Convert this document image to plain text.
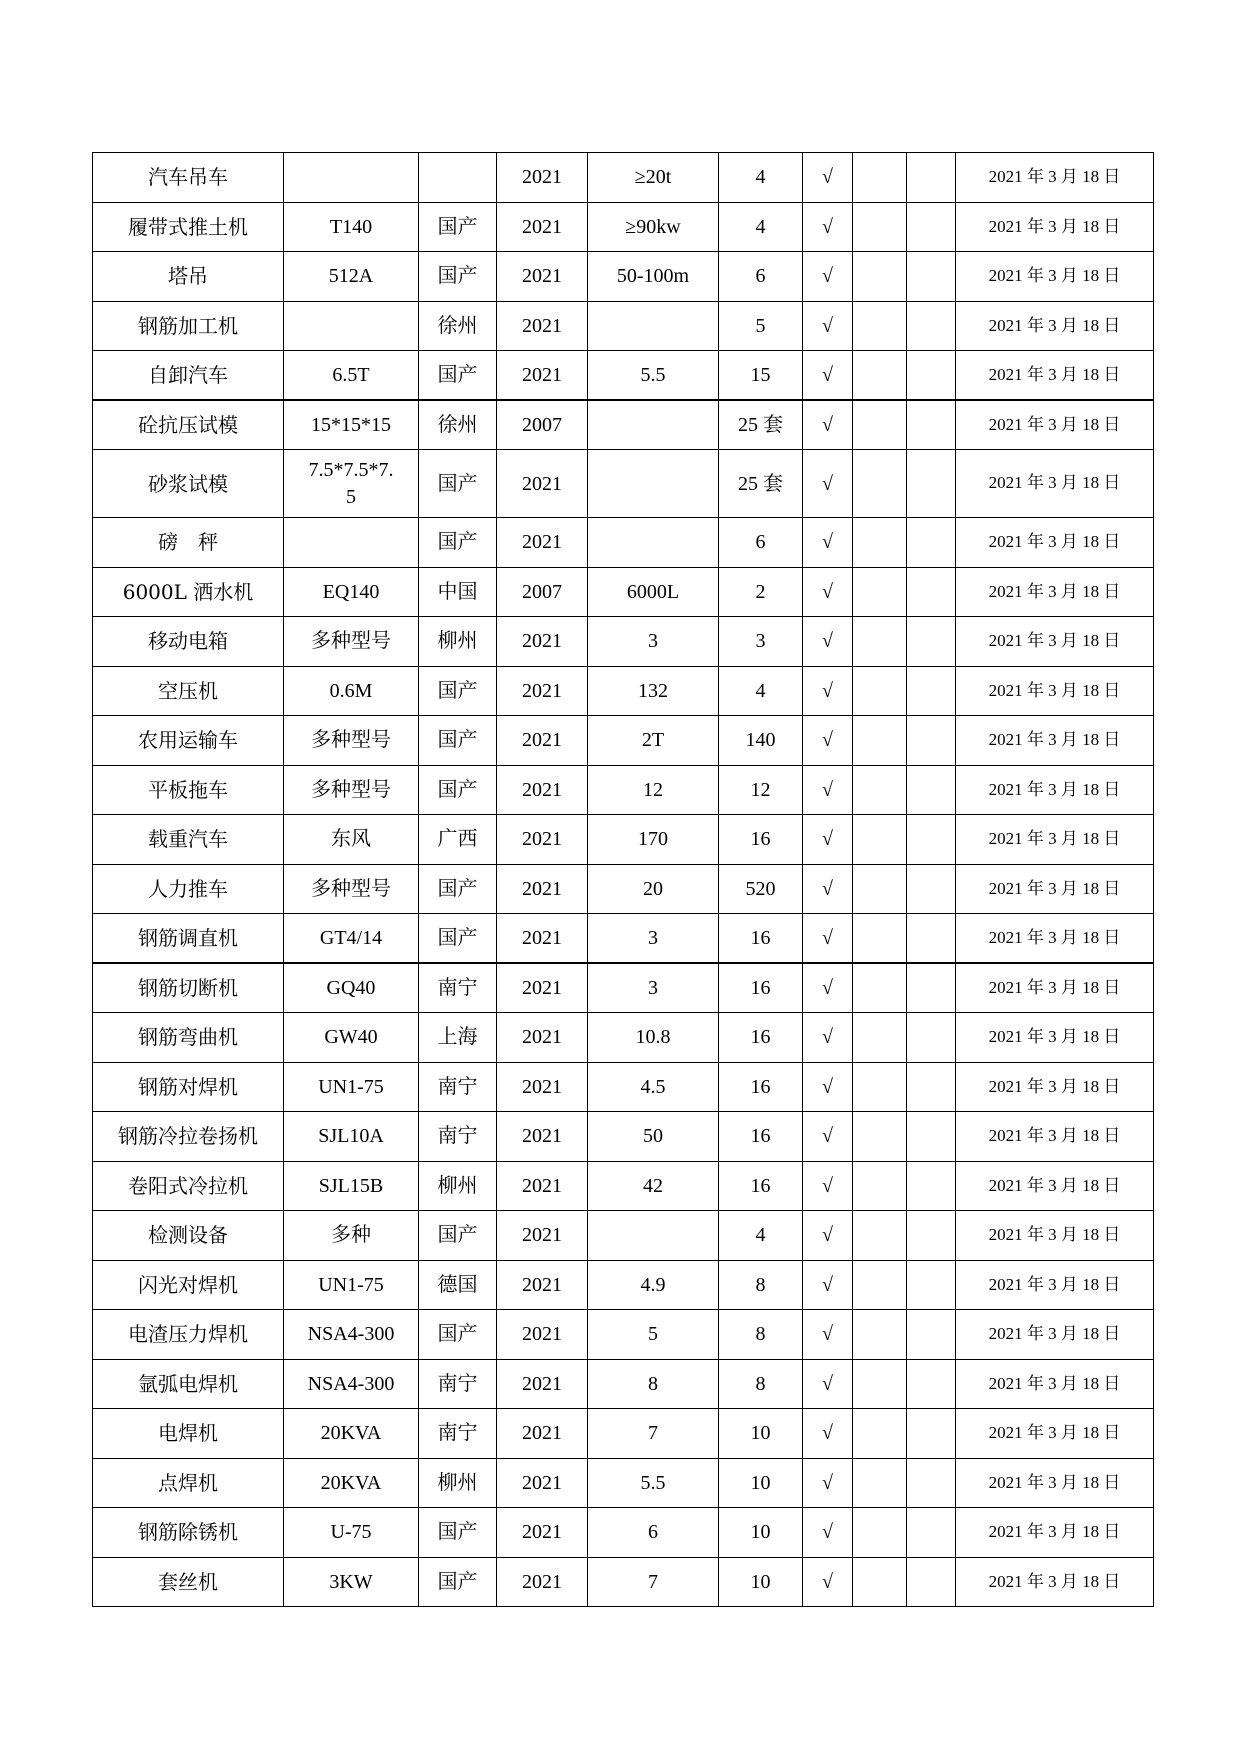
汽车吊车			2021	≥20t	4	√			2021 年 3 月 18 日
履带式推土机	T140	国产	2021	≥90kw	4	√			2021 年 3 月 18 日
塔吊	512A	国产	2021	50-100m	6	√			2021 年 3 月 18 日
钢筋加工机		徐州	2021		5	√			2021 年 3 月 18 日
自卸汽车	6.5T	国产	2021	5.5	15	√			2021 年 3 月 18 日
砼抗压试模	15*15*15	徐州	2007		25 套	√			2021 年 3 月 18 日
砂浆试模	7.5*7.5*7.5	国产	2021		25 套	√			2021 年 3 月 18 日
磅　秤		国产	2021		6	√			2021 年 3 月 18 日
6000L 洒水机	EQ140	中国	2007	6000L	2	√			2021 年 3 月 18 日
移动电箱	多种型号	柳州	2021	3	3	√			2021 年 3 月 18 日
空压机	0.6M	国产	2021	132	4	√			2021 年 3 月 18 日
农用运输车	多种型号	国产	2021	2T	140	√			2021 年 3 月 18 日
平板拖车	多种型号	国产	2021	12	12	√			2021 年 3 月 18 日
载重汽车	东风	广西	2021	170	16	√			2021 年 3 月 18 日
人力推车	多种型号	国产	2021	20	520	√			2021 年 3 月 18 日
钢筋调直机	GT4/14	国产	2021	3	16	√			2021 年 3 月 18 日
钢筋切断机	GQ40	南宁	2021	3	16	√			2021 年 3 月 18 日
钢筋弯曲机	GW40	上海	2021	10.8	16	√			2021 年 3 月 18 日
钢筋对焊机	UN1-75	南宁	2021	4.5	16	√			2021 年 3 月 18 日
钢筋冷拉卷扬机	SJL10A	南宁	2021	50	16	√			2021 年 3 月 18 日
卷阳式冷拉机	SJL15B	柳州	2021	42	16	√			2021 年 3 月 18 日
检测设备	多种	国产	2021		4	√			2021 年 3 月 18 日
闪光对焊机	UN1-75	德国	2021	4.9	8	√			2021 年 3 月 18 日
电渣压力焊机	NSA4-300	国产	2021	5	8	√			2021 年 3 月 18 日
氩弧电焊机	NSA4-300	南宁	2021	8	8	√			2021 年 3 月 18 日
电焊机	20KVA	南宁	2021	7	10	√			2021 年 3 月 18 日
点焊机	20KVA	柳州	2021	5.5	10	√			2021 年 3 月 18 日
钢筋除锈机	U-75	国产	2021	6	10	√			2021 年 3 月 18 日
套丝机	3KW	国产	2021	7	10	√			2021 年 3 月 18 日
